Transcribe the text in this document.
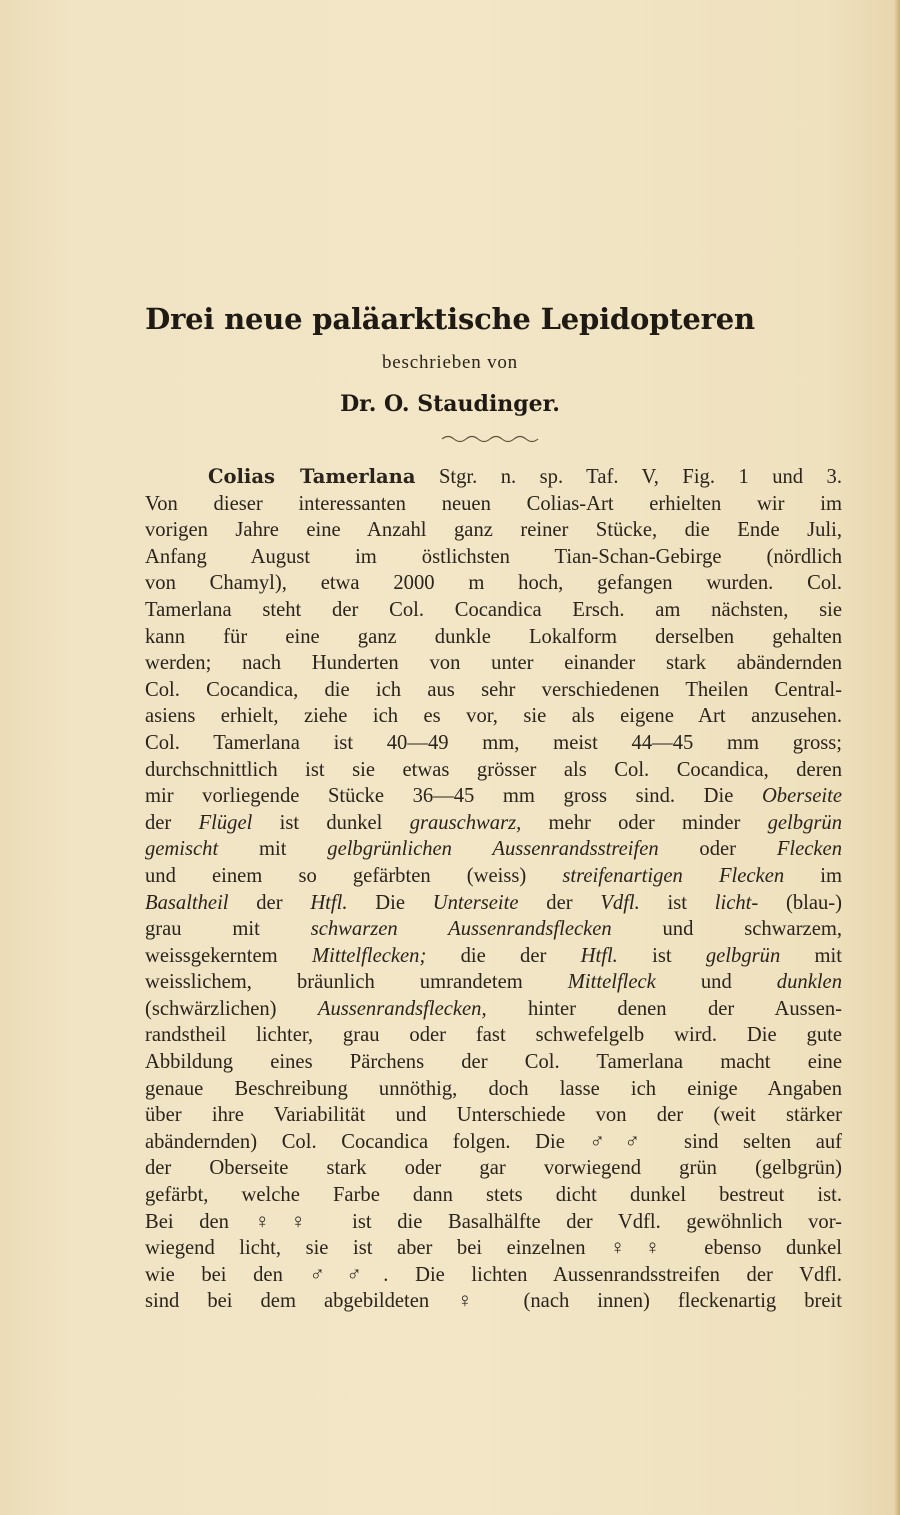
Drei neue paläarktische Lepidopteren
beschrieben von
Dr. O. Staudinger.
Colias Tamerlana Stgr. n. sp. Taf. V, Fig. 1 und 3.
Von dieser interessanten neuen Colias-Art erhielten wir im
vorigen Jahre eine Anzahl ganz reiner Stücke, die Ende Juli,
Anfang August im östlichsten Tian-Schan-Gebirge (nördlich
von Chamyl), etwa 2000 m hoch, gefangen wurden. Col.
Tamerlana steht der Col. Cocandica Ersch. am nächsten, sie
kann für eine ganz dunkle Lokalform derselben gehalten
werden; nach Hunderten von unter einander stark abändernden
Col. Cocandica, die ich aus sehr verschiedenen Theilen Central-
asiens erhielt, ziehe ich es vor, sie als eigene Art anzusehen.
Col. Tamerlana ist 40—49 mm, meist 44—45 mm gross;
durchschnittlich ist sie etwas grösser als Col. Cocandica, deren
mir vorliegende Stücke 36—45 mm gross sind. Die Oberseite
der Flügel ist dunkel grauschwarz, mehr oder minder gelbgrün
gemischt mit gelbgrünlichen Aussenrandsstreifen oder Flecken
und einem so gefärbten (weiss) streifenartigen Flecken im
Basaltheil der Htfl. Die Unterseite der Vdfl. ist licht- (blau-)
grau mit schwarzen Aussenrandsflecken und schwarzem,
weissgekerntem Mittelflecken; die der Htfl. ist gelbgrün mit
weisslichem, bräunlich umrandetem Mittelfleck und dunklen
(schwärzlichen) Aussenrandsflecken, hinter denen der Aussen-
randstheil lichter, grau oder fast schwefelgelb wird. Die gute
Abbildung eines Pärchens der Col. Tamerlana macht eine
genaue Beschreibung unnöthig, doch lasse ich einige Angaben
über ihre Variabilität und Unterschiede von der (weit stärker
abändernden) Col. Cocandica folgen. Die ♂♂ sind selten auf
der Oberseite stark oder gar vorwiegend grün (gelbgrün)
gefärbt, welche Farbe dann stets dicht dunkel bestreut ist.
Bei den ♀♀ ist die Basalhälfte der Vdfl. gewöhnlich vor-
wiegend licht, sie ist aber bei einzelnen ♀♀ ebenso dunkel
wie bei den ♂♂. Die lichten Aussenrandsstreifen der Vdfl.
sind bei dem abgebildeten ♀ (nach innen) fleckenartig breit
